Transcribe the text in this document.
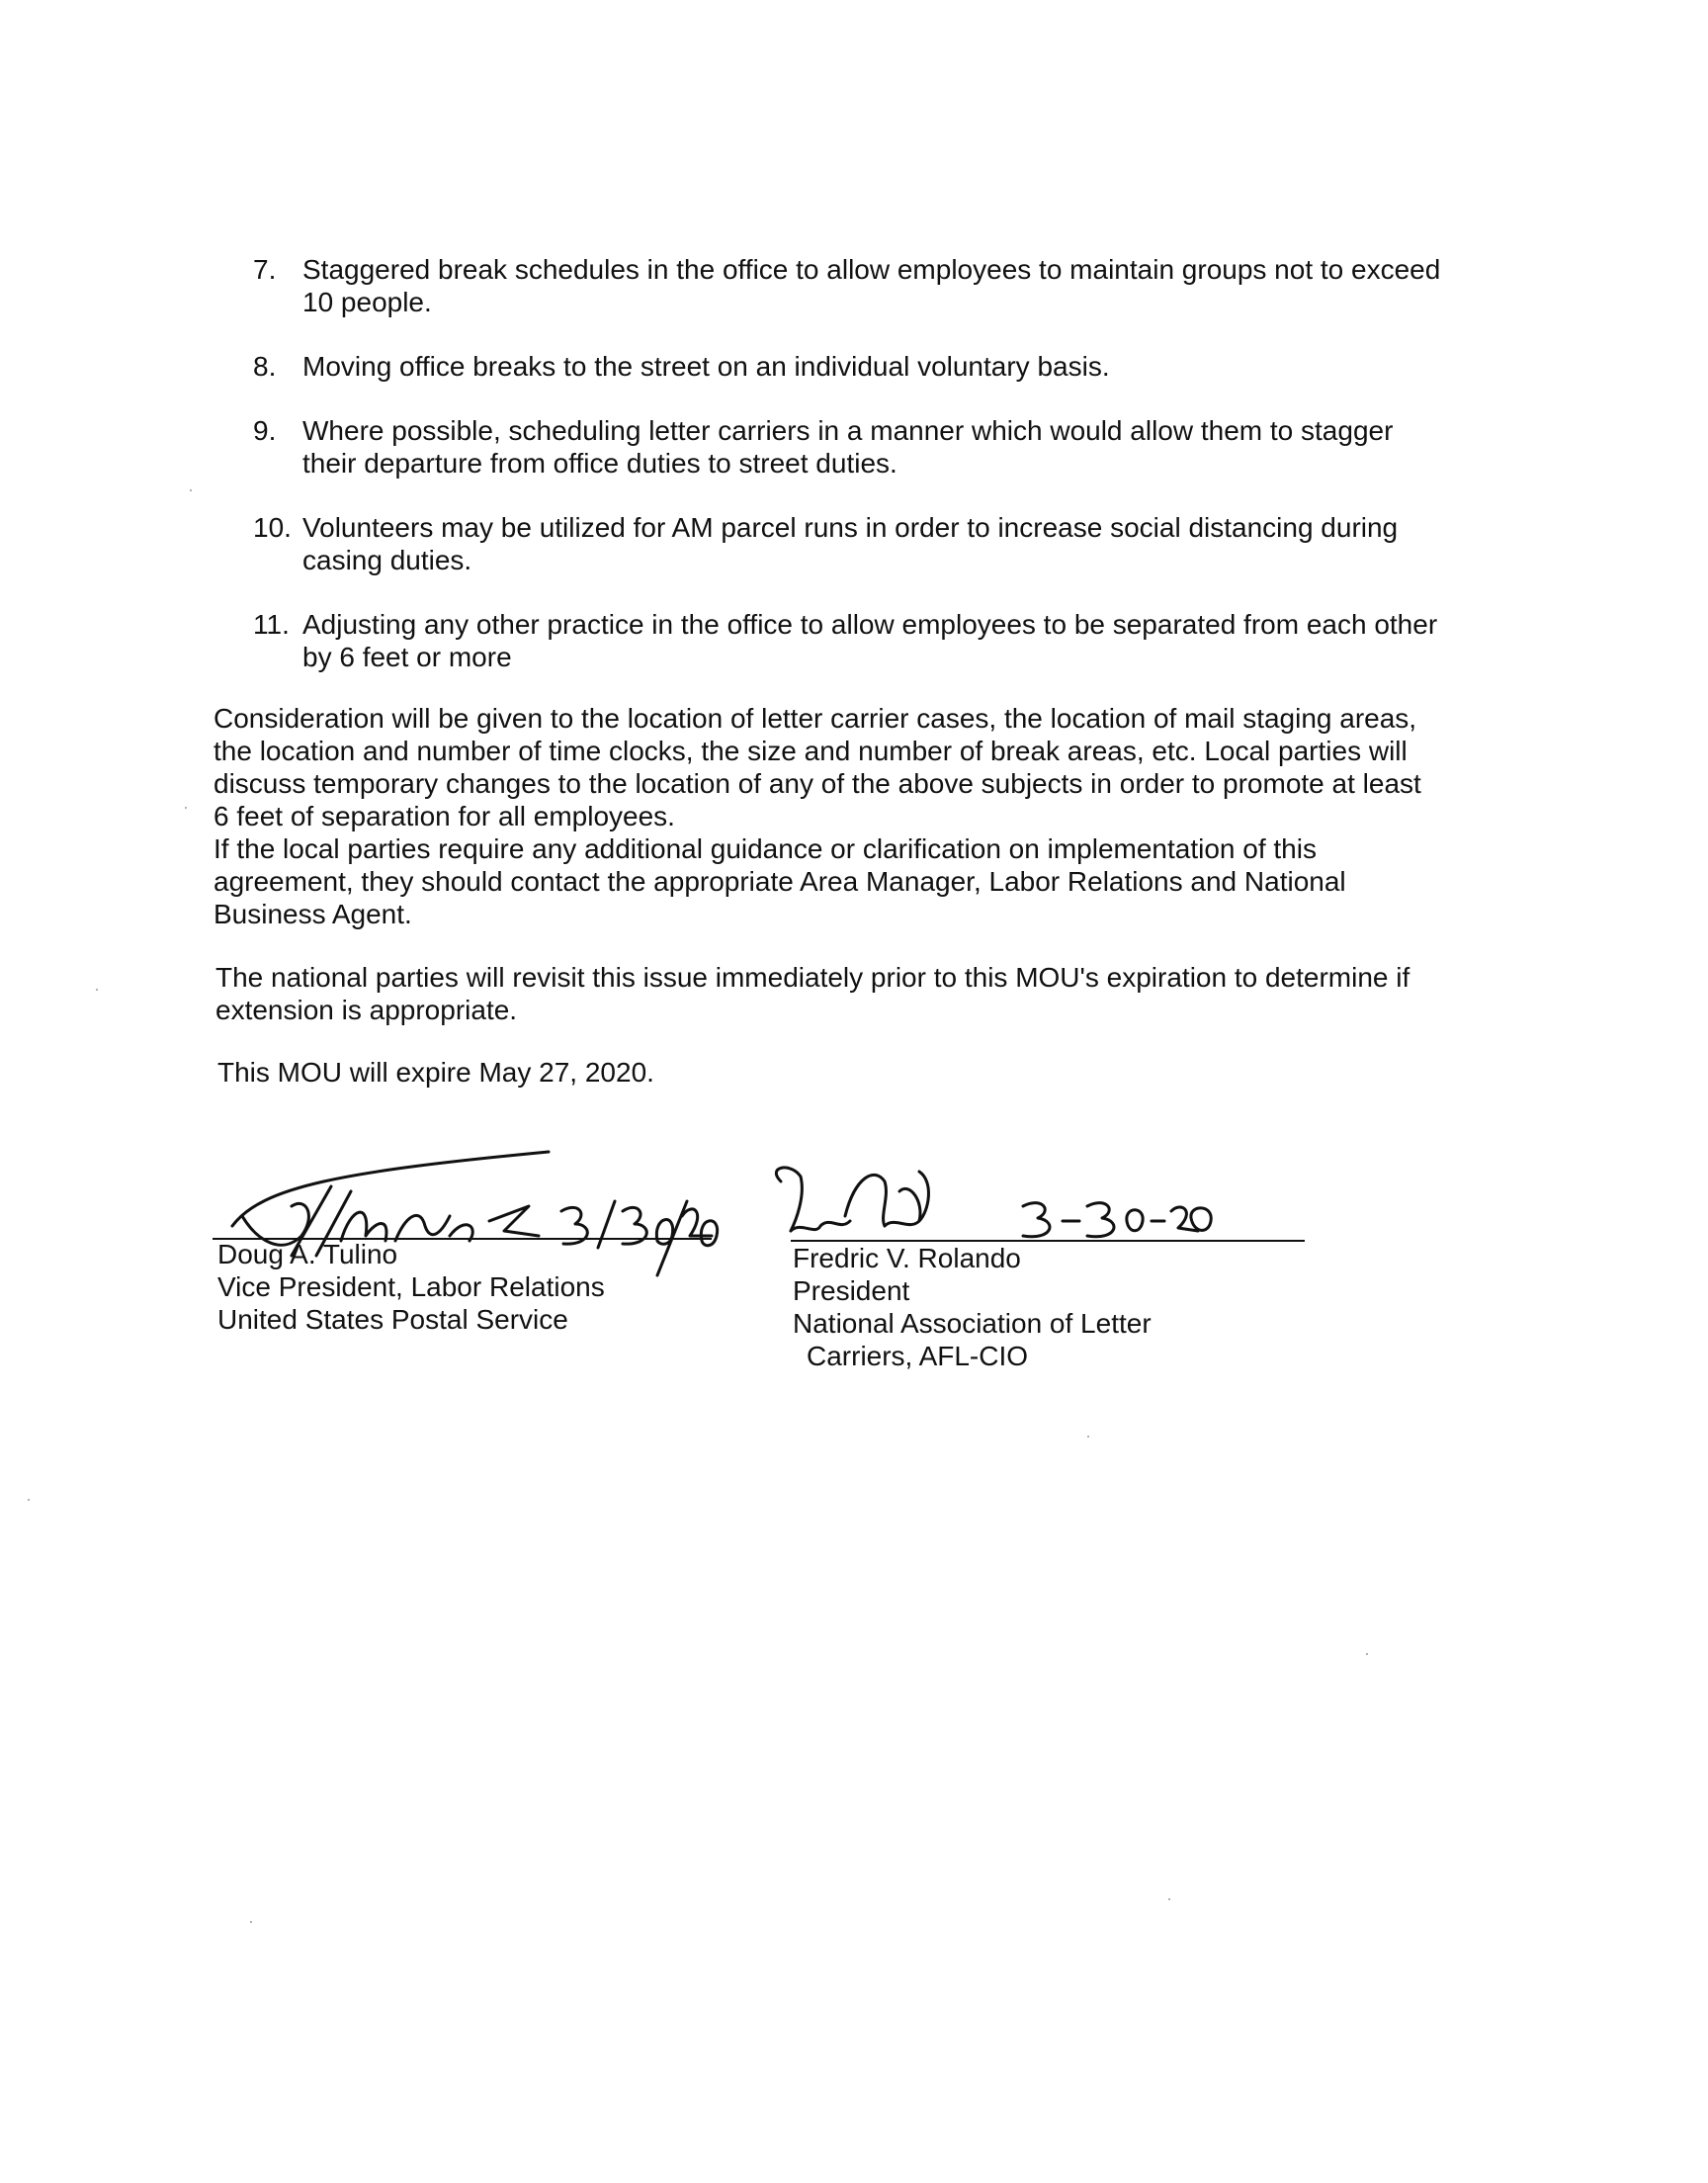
7. Staggered break schedules in the office to allow employees to maintain groups not to exceed 10 people.
8. Moving office breaks to the street on an individual voluntary basis.
9. Where possible, scheduling letter carriers in a manner which would allow them to stagger their departure from office duties to street duties.
10. Volunteers may be utilized for AM parcel runs in order to increase social distancing during casing duties.
11. Adjusting any other practice in the office to allow employees to be separated from each other by 6 feet or more

Consideration will be given to the location of letter carrier cases, the location of mail staging areas, the location and number of time clocks, the size and number of break areas, etc. Local parties will discuss temporary changes to the location of any of the above subjects in order to promote at least 6 feet of separation for all employees.

If the local parties require any additional guidance or clarification on implementation of this agreement, they should contact the appropriate Area Manager, Labor Relations and National Business Agent.

The national parties will revisit this issue immediately prior to this MOU's expiration to determine if extension is appropriate.

This MOU will expire May 27, 2020.

Doug A. Tulino
Vice President, Labor Relations
United States Postal Service
Fredric V. Rolando
President
National Association of Letter
Carriers, AFL-CIO
